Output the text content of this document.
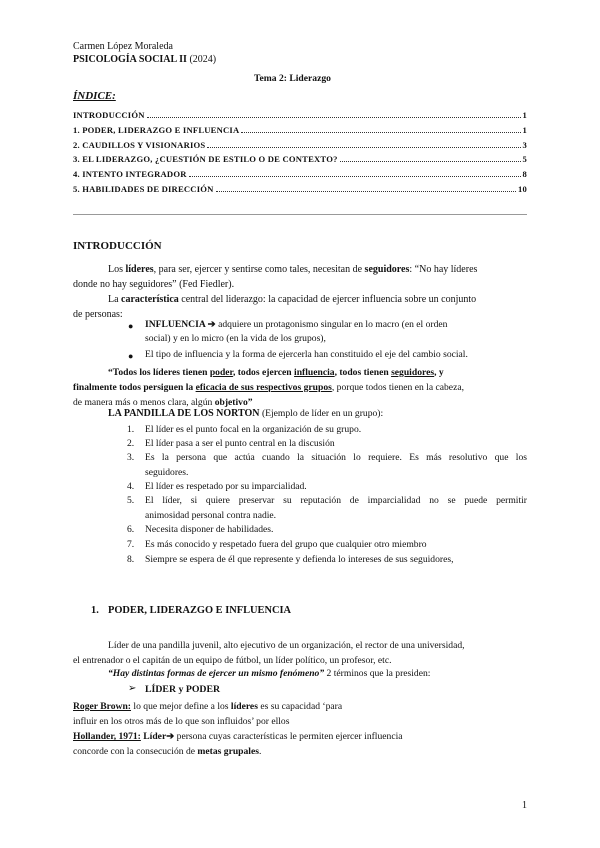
Carmen López Moraleda
PSICOLOGÍA SOCIAL II (2024)
Tema 2: Liderazgo
ÍNDICE:
INTRODUCCIÓN	1
1. PODER, LIDERAZGO E INFLUENCIA	1
2. CAUDILLOS Y VISIONARIOS	3
3. EL LIDERAZGO, ¿CUESTIÓN DE ESTILO O DE CONTEXTO?	5
4. INTENTO INTEGRADOR	8
5. HABILIDADES DE DIRECCIÓN	10
INTRODUCCIÓN
Los líderes, para ser, ejercer y sentirse como tales, necesitan de seguidores: “No hay líderes
donde no hay seguidores” (Fed Fiedler).
La característica central del liderazgo: la capacidad de ejercer influencia sobre un conjunto
de personas:
● INFLUENCIA ➔ adquiere un protagonismo singular en lo macro (en el orden
social) y en lo micro (en la vida de los grupos),
● El tipo de influencia y la forma de ejercerla han constituido el eje del cambio social.
“Todos los líderes tienen poder, todos ejercen influencia, todos tienen seguidores, y
finalmente todos persiguen la eficacia de sus respectivos grupos, porque todos tienen en la cabeza,
de manera más o menos clara, algún objetivo”
LA PANDILLA DE LOS NORTON (Ejemplo de líder en un grupo):
1. El líder es el punto focal en la organización de su grupo.
2. El líder pasa a ser el punto central en la discusión
3. Es la persona que actúa cuando la situación lo requiere. Es más resolutivo que los
seguidores.
4. El líder es respetado por su imparcialidad.
5. El líder, si quiere preservar su reputación de imparcialidad no se puede permitir
animosidad personal contra nadie.
6. Necesita disponer de habilidades.
7. Es más conocido y respetado fuera del grupo que cualquier otro miembro
8. Siempre se espera de él que represente y defienda lo intereses de sus seguidores,
1. PODER, LIDERAZGO E INFLUENCIA
Líder de una pandilla juvenil, alto ejecutivo de un organización, el rector de una universidad,
el entrenador o el capitán de un equipo de fútbol, un líder político, un profesor, etc.
“Hay distintas formas de ejercer un mismo fenómeno” 2 términos que la presiden:
➢ LÍDER y PODER
Roger Brown: lo que mejor define a los líderes es su capacidad ‘para
influir en los otros más de lo que son influidos’ por ellos
Hollander, 1971: Líder➔ persona cuyas características le permiten ejercer influencia
concorde con la consecución de metas grupales.
1
